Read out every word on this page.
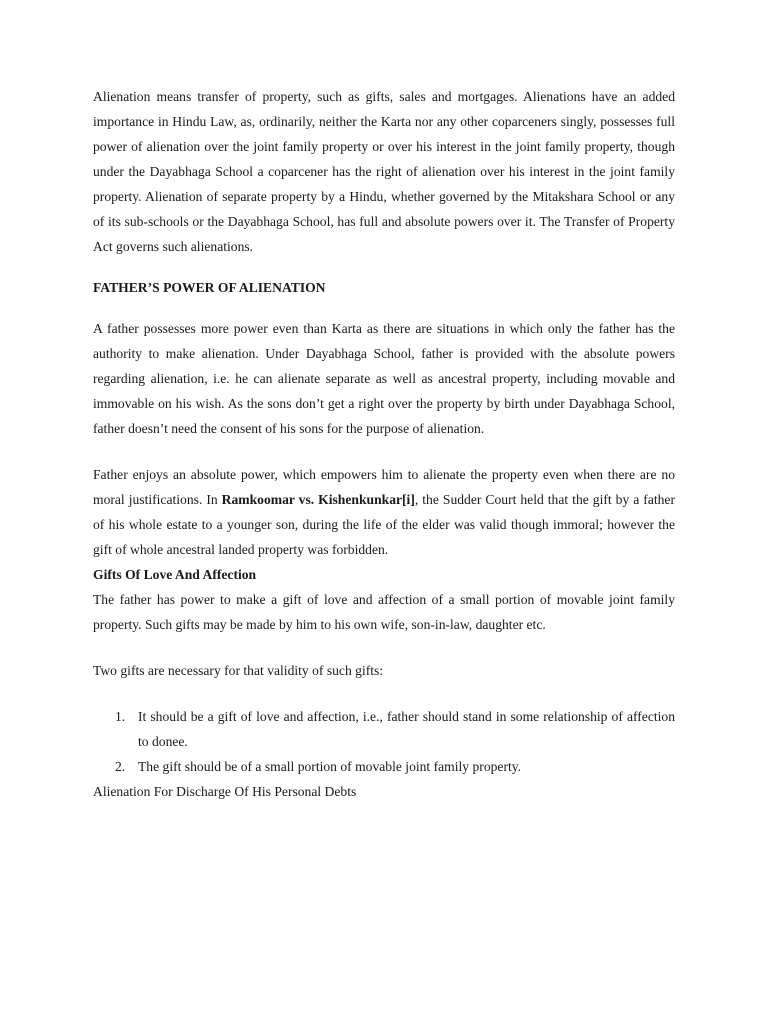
Alienation means transfer of property, such as gifts, sales and mortgages. Alienations have an added importance in Hindu Law, as, ordinarily, neither the Karta nor any other coparceners singly, possesses full power of alienation over the joint family property or over his interest in the joint family property, though under the Dayabhaga School a coparcener has the right of alienation over his interest in the joint family property. Alienation of separate property by a Hindu, whether governed by the Mitakshara School or any of its sub-schools or the Dayabhaga School, has full and absolute powers over it. The Transfer of Property Act governs such alienations.

FATHER’S POWER OF ALIENATION

A father possesses more power even than Karta as there are situations in which only the father has the authority to make alienation. Under Dayabhaga School, father is provided with the absolute powers regarding alienation, i.e. he can alienate separate as well as ancestral property, including movable and immovable on his wish. As the sons don’t get a right over the property by birth under Dayabhaga School, father doesn’t need the consent of his sons for the purpose of alienation.

Father enjoys an absolute power, which empowers him to alienate the property even when there are no moral justifications. In Ramkoomar vs. Kishenkunkar[i], the Sudder Court held that the gift by a father of his whole estate to a younger son, during the life of the elder was valid though immoral; however the gift of whole ancestral landed property was forbidden.

Gifts Of Love And Affection

The father has power to make a gift of love and affection of a small portion of movable joint family property. Such gifts may be made by him to his own wife, son-in-law, daughter etc.

Two gifts are necessary for that validity of such gifts:

1. It should be a gift of love and affection, i.e., father should stand in some relationship of affection to donee.
2. The gift should be of a small portion of movable joint family property.

Alienation For Discharge Of His Personal Debts
